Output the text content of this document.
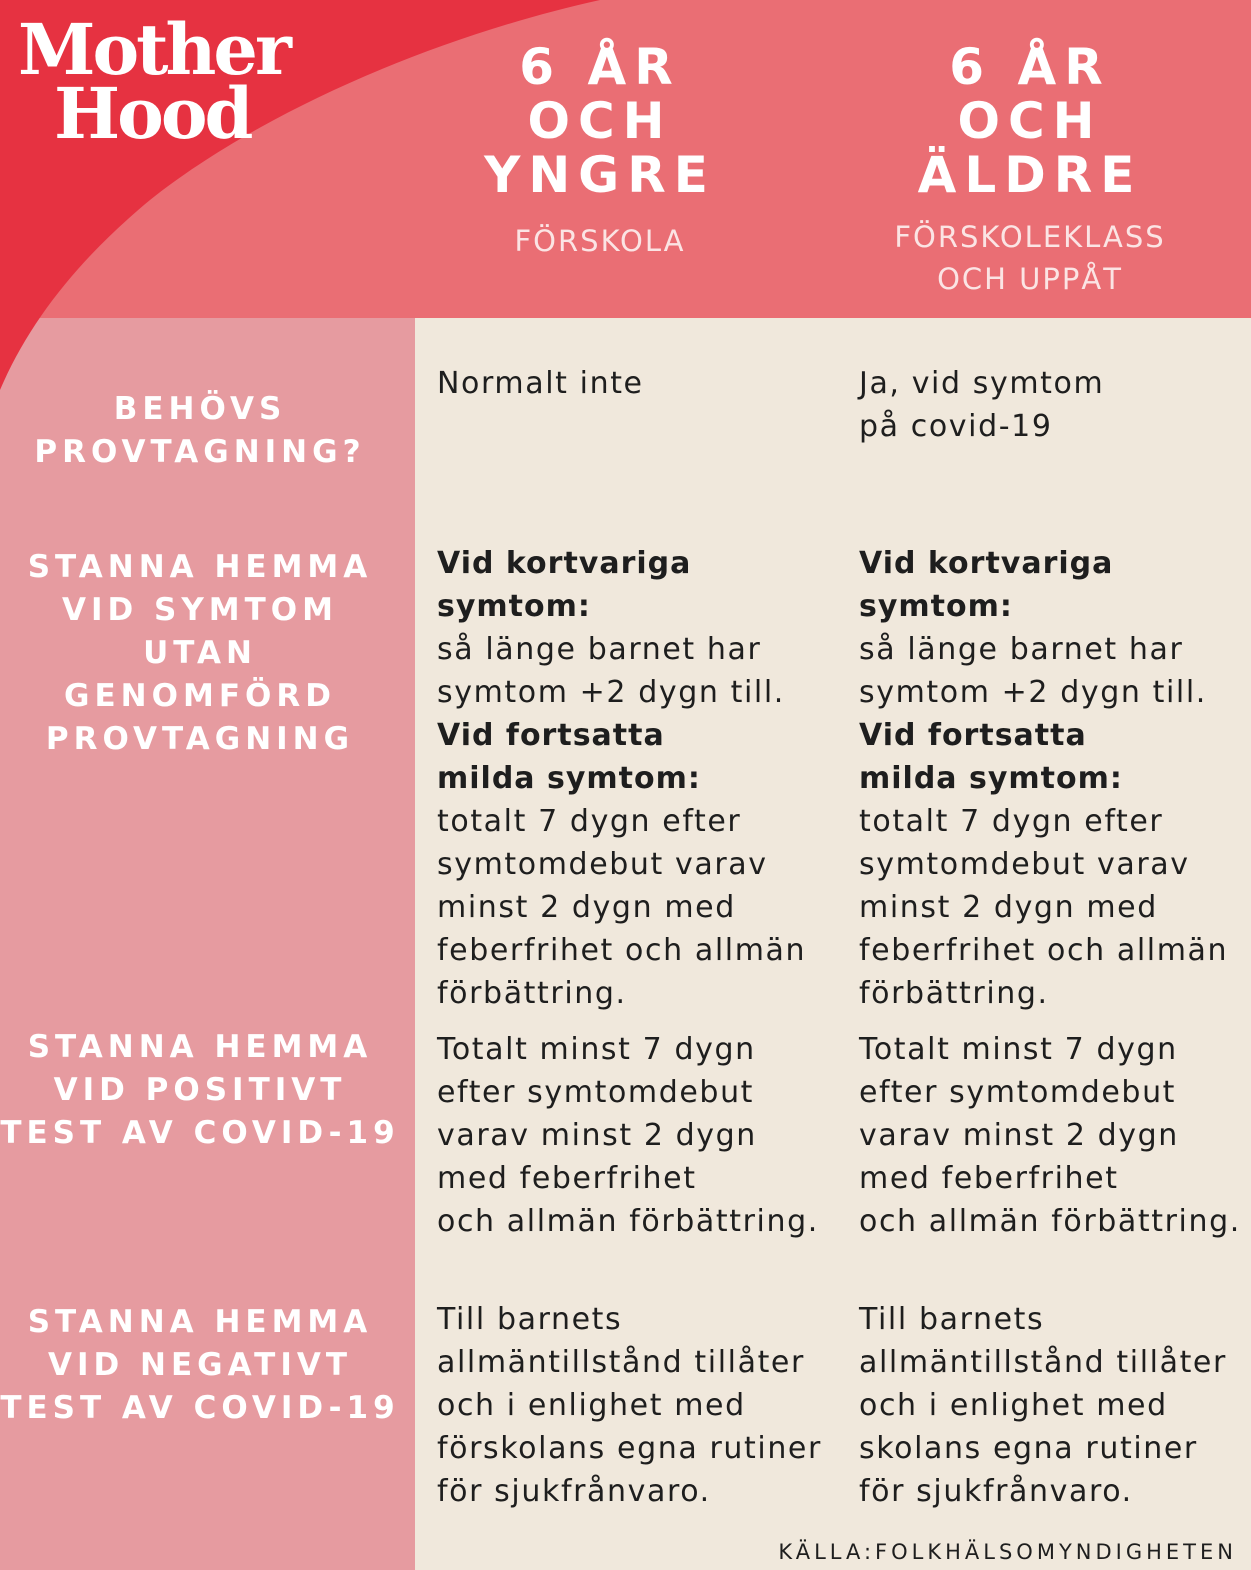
Mother
Hood
6 ÅR
OCH
YNGRE
FÖRSKOLA
6 ÅR
OCH
ÄLDRE
FÖRSKOLEKLASS
OCH UPPÅT
BEHÖVS
PROVTAGNING?
Normalt inte	Ja, vid symtom
på covid-19
STANNA HEMMA
VID SYMTOM
UTAN GENOMFÖRD
PROVTAGNING
Vid kortvariga symtom:
så länge barnet har
symtom +2 dygn till.
Vid fortsatta
milda symtom:
totalt 7 dygn efter
symtomdebut varav
minst 2 dygn med
feberfrihet och allmän
förbättring.
Vid kortvariga symtom:
så länge barnet har
symtom +2 dygn till.
Vid fortsatta
milda symtom:
totalt 7 dygn efter
symtomdebut varav
minst 2 dygn med
feberfrihet och allmän
förbättring.
STANNA HEMMA
VID POSITIVT
TEST AV COVID-19
Totalt minst 7 dygn
efter symtomdebut
varav minst 2 dygn
med feberfrihet
och allmän förbättring.
Totalt minst 7 dygn
efter symtomdebut
varav minst 2 dygn
med feberfrihet
och allmän förbättring.
STANNA HEMMA
VID NEGATIVT
TEST AV COVID-19
Till barnets
allmäntillstånd tillåter
och i enlighet med
förskolans egna rutiner
för sjukfrånvaro.
Till barnets
allmäntillstånd tillåter
och i enlighet med
skolans egna rutiner
för sjukfrånvaro.
KÄLLA:FOLKHÄLSOMYNDIGHETEN
